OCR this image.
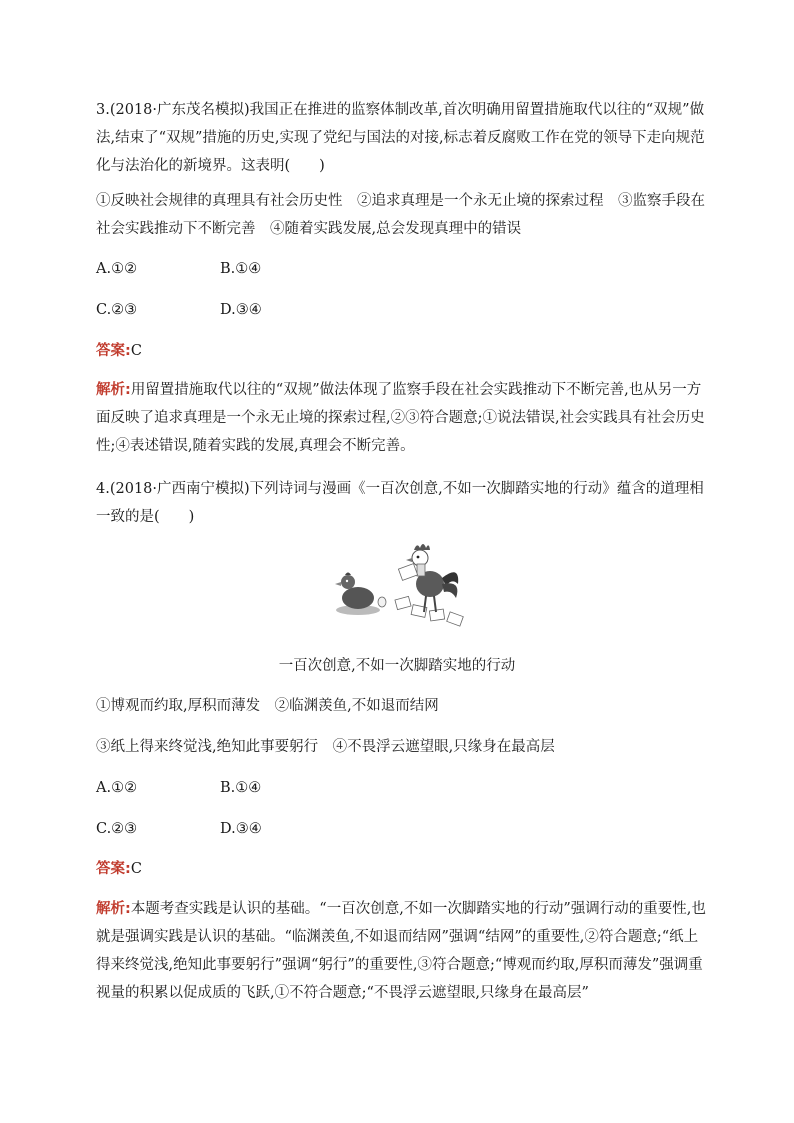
3.(2018·广东茂名模拟)我国正在推进的监察体制改革,首次明确用留置措施取代以往的“双规”做法,结束了“双规”措施的历史,实现了党纪与国法的对接,标志着反腐败工作在党的领导下走向规范化与法治化的新境界。这表明(　　)

①反映社会规律的真理具有社会历史性　②追求真理是一个永无止境的探索过程　③监察手段在社会实践推动下不断完善　④随着实践发展,总会发现真理中的错误

A.①②	B.①④
C.②③	D.③④
答案:C

解析:用留置措施取代以往的“双规”做法体现了监察手段在社会实践推动下不断完善,也从另一方面反映了追求真理是一个永无止境的探索过程,②③符合题意;①说法错误,社会实践具有社会历史性;④表述错误,随着实践的发展,真理会不断完善。

4.(2018·广西南宁模拟)下列诗词与漫画《一百次创意,不如一次脚踏实地的行动》蕴含的道理相一致的是(　　)

一百次创意,不如一次脚踏实地的行动
①博观而约取,厚积而薄发　②临渊羡鱼,不如退而结网
③纸上得来终觉浅,绝知此事要躬行　④不畏浮云遮望眼,只缘身在最高层
A.①②	B.①④
C.②③	D.③④
答案:C

解析:本题考查实践是认识的基础。“一百次创意,不如一次脚踏实地的行动”强调行动的重要性,也就是强调实践是认识的基础。“临渊羡鱼,不如退而结网”强调“结网”的重要性,②符合题意;“纸上得来终觉浅,绝知此事要躬行”强调“躬行”的重要性,③符合题意;“博观而约取,厚积而薄发”强调重视量的积累以促成质的飞跃,①不符合题意;“不畏浮云遮望眼,只缘身在最高层”
